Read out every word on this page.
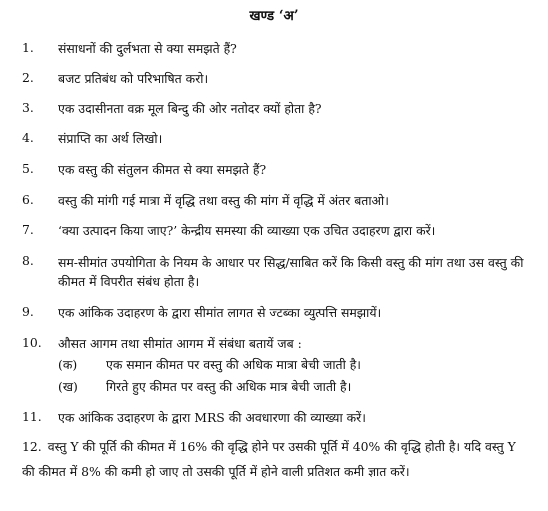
खण्ड ‘अ’
1. संसाधनों की दुर्लभता से क्या समझते हैं?
2. बजट प्रतिबंध को परिभाषित करो।
3. एक उदासीनता वक्र मूल बिन्दु की ओर नतोदर क्यों होता है?
4. संप्राप्ति का अर्थ लिखो।
5. एक वस्तु की संतुलन कीमत से क्या समझते हैं?
6. वस्तु की मांगी गई मात्रा में वृद्धि तथा वस्तु की मांग में वृद्धि में अंतर बताओ।
7. ‘क्या उत्पादन किया जाए?’ केन्द्रीय समस्या की व्याख्या एक उचित उदाहरण द्वारा करें।
8. सम-सीमांत उपयोगिता के नियम के आधार पर सिद्ध/साबित करें कि किसी वस्तु की मांग तथा उस वस्तु की कीमत में विपरीत संबंध होता है।
9. एक आंकिक उदाहरण के द्वारा सीमांत लागत से ज्टब्का व्युत्पत्ति समझायें।
10. औसत आगम तथा सीमांत आगम में संबंधा बतायें जब :
(क) एक समान कीमत पर वस्तु की अधिक मात्रा बेची जाती है।
(ख) गिरते हुए कीमत पर वस्तु की अधिक मात्र बेची जाती है।
11. एक आंकिक उदाहरण के द्वारा MRS की अवधारणा की व्याख्या करें।
12. वस्तु Y की पूर्ति की कीमत में 16% की वृद्धि होने पर उसकी पूर्ति में 40% की वृद्धि होती है। यदि वस्तु Y की कीमत में 8% की कमी हो जाए तो उसकी पूर्ति में होने वाली प्रतिशत कमी ज्ञात करें।
